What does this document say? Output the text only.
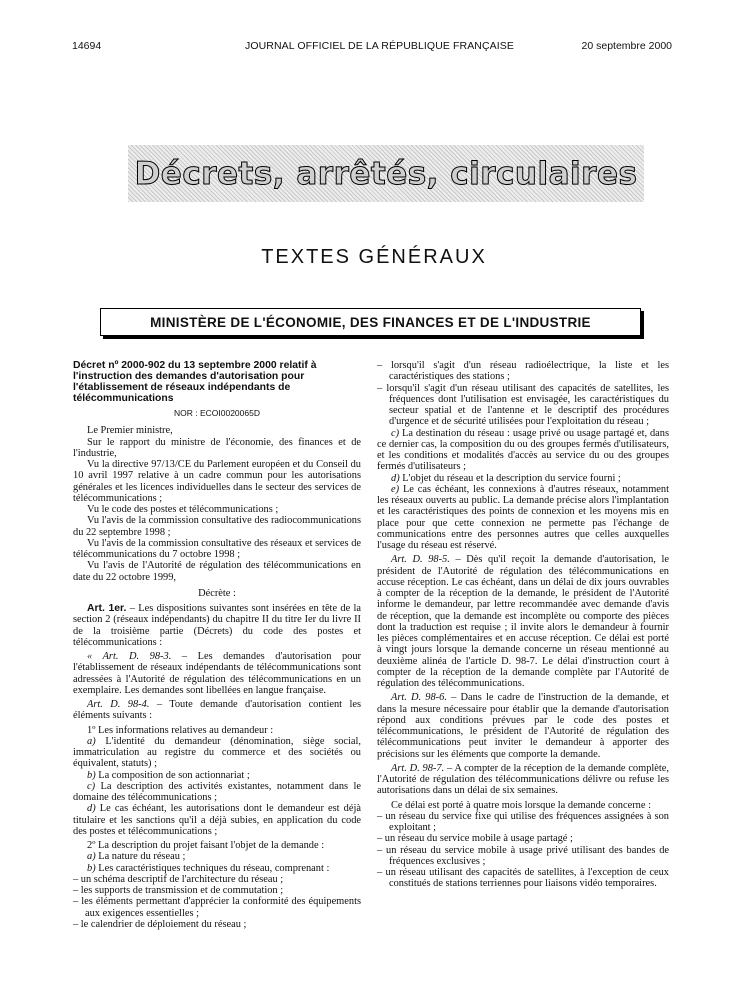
14694	JOURNAL OFFICIEL DE LA RÉPUBLIQUE FRANÇAISE	20 septembre 2000
Décrets, arrêtés, circulaires
TEXTES GÉNÉRAUX
MINISTÈRE DE L'ÉCONOMIE, DES FINANCES ET DE L'INDUSTRIE

Décret nº 2000-902 du 13 septembre 2000 relatif à l'instruction des demandes d'autorisation pour l'établissement de réseaux indépendants de télécommunications

NOR : ECOI0020065D

Le Premier ministre,

Sur le rapport du ministre de l'économie, des finances et de l'industrie,

Vu la directive 97/13/CE du Parlement européen et du Conseil du 10 avril 1997 relative à un cadre commun pour les autorisations générales et les licences individuelles dans le secteur des services de télécommunications ;

Vu le code des postes et télécommunications ;

Vu l'avis de la commission consultative des radiocommunications du 22 septembre 1998 ;

Vu l'avis de la commission consultative des réseaux et services de télécommunications du 7 octobre 1998 ;

Vu l'avis de l'Autorité de régulation des télécommunications en date du 22 octobre 1999,

Décrète :

Art. 1er. – Les dispositions suivantes sont insérées en tête de la section 2 (réseaux indépendants) du chapitre II du titre Ier du livre II de la troisième partie (Décrets) du code des postes et télécommunications :

« Art. D. 98-3. – Les demandes d'autorisation pour l'établissement de réseaux indépendants de télécommunications sont adressées à l'Autorité de régulation des télécommunications en un exemplaire. Les demandes sont libellées en langue française.

Art. D. 98-4. – Toute demande d'autorisation contient les éléments suivants :

1º Les informations relatives au demandeur :

a) L'identité du demandeur (dénomination, siège social, immatriculation au registre du commerce et des sociétés ou équivalent, statuts) ;

b) La composition de son actionnariat ;

c) La description des activités existantes, notamment dans le domaine des télécommunications ;

d) Le cas échéant, les autorisations dont le demandeur est déjà titulaire et les sanctions qu'il a déjà subies, en application du code des postes et télécommunications ;

2º La description du projet faisant l'objet de la demande :

a) La nature du réseau ;

b) Les caractéristiques techniques du réseau, comprenant :

– un schéma descriptif de l'architecture du réseau ;

– les supports de transmission et de commutation ;

– les éléments permettant d'apprécier la conformité des équipements aux exigences essentielles ;

– le calendrier de déploiement du réseau ;

– lorsqu'il s'agit d'un réseau radioélectrique, la liste et les caractéristiques des stations ;

– lorsqu'il s'agit d'un réseau utilisant des capacités de satellites, les fréquences dont l'utilisation est envisagée, les caractéristiques du secteur spatial et de l'antenne et le descriptif des procédures d'urgence et de sécurité utilisées pour l'exploitation du réseau ;

c) La destination du réseau : usage privé ou usage partagé et, dans ce dernier cas, la composition du ou des groupes fermés d'utilisateurs, et les conditions et modalités d'accès au service du ou des groupes fermés d'utilisateurs ;

d) L'objet du réseau et la description du service fourni ;

e) Le cas échéant, les connexions à d'autres réseaux, notamment les réseaux ouverts au public. La demande précise alors l'implantation et les caractéristiques des points de connexion et les moyens mis en place pour que cette connexion ne permette pas l'échange de communications entre des personnes autres que celles auxquelles l'usage du réseau est réservé.

Art. D. 98-5. – Dès qu'il reçoit la demande d'autorisation, le président de l'Autorité de régulation des télécommunications en accuse réception. Le cas échéant, dans un délai de dix jours ouvrables à compter de la réception de la demande, le président de l'Autorité informe le demandeur, par lettre recommandée avec demande d'avis de réception, que la demande est incomplète ou comporte des pièces dont la traduction est requise ; il invite alors le demandeur à fournir les pièces complémentaires et en accuse réception. Ce délai est porté à vingt jours lorsque la demande concerne un réseau mentionné au deuxième alinéa de l'article D. 98-7. Le délai d'instruction court à compter de la réception de la demande complète par l'Autorité de régulation des télécommunications.

Art. D. 98-6. – Dans le cadre de l'instruction de la demande, et dans la mesure nécessaire pour établir que la demande d'autorisation répond aux conditions prévues par le code des postes et télécommunications, le président de l'Autorité de régulation des télécommunications peut inviter le demandeur à apporter des précisions sur les éléments que comporte la demande.

Art. D. 98-7. – A compter de la réception de la demande complète, l'Autorité de régulation des télécommunications délivre ou refuse les autorisations dans un délai de six semaines.

Ce délai est porté à quatre mois lorsque la demande concerne :

– un réseau du service fixe qui utilise des fréquences assignées à son exploitant ;

– un réseau du service mobile à usage partagé ;

– un réseau du service mobile à usage privé utilisant des bandes de fréquences exclusives ;

– un réseau utilisant des capacités de satellites, à l'exception de ceux constitués de stations terriennes pour liaisons vidéo temporaires.
